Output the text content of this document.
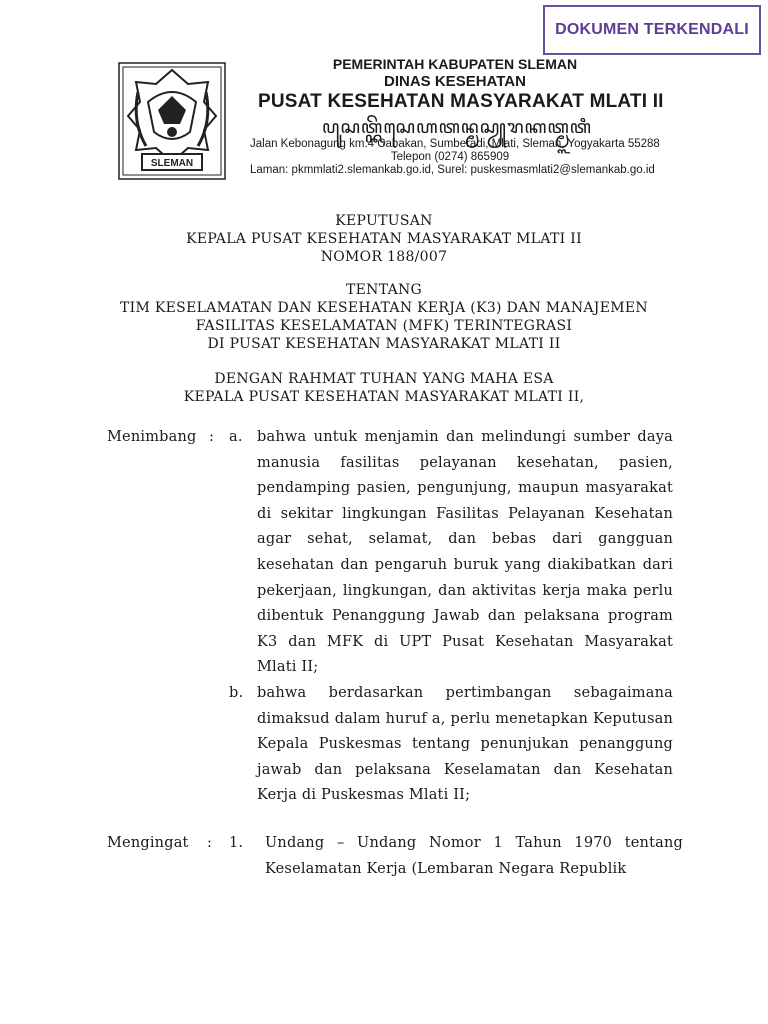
DOKUMEN TERKENDALI
SLEMAN
PEMERINTAH KABUPATEN SLEMAN
DINAS KESEHATAN
PUSAT KESEHATAN MASYARAKAT MLATI II
ꦥꦸꦱꦠ꧀ꦏꦼꦱꦺꦲꦠꦤ꧀ꦩꦱꦾꦫꦏꦠ꧀ꦩ꧀ꦭꦠꦶ
Jalan Kebonagung km.4 Cabakan, Sumberadi, Mlati, Sleman, Yogyakarta 55288
Telepon (0274) 865909
Laman: pkmmlati2.slemankab.go.id, Surel: puskesmasmlati2@slemankab.go.id
KEPUTUSAN
KEPALA PUSAT KESEHATAN MASYARAKAT MLATI II
NOMOR 188/007
TENTANG
TIM KESELAMATAN DAN KESEHATAN KERJA (K3) DAN MANAJEMEN
FASILITAS KESELAMATAN (MFK) TERINTEGRASI
DI PUSAT KESEHATAN MASYARAKAT MLATI II
DENGAN RAHMAT TUHAN YANG MAHA ESA
KEPALA PUSAT KESEHATAN MASYARAKAT MLATI II,
Menimbang : a. bahwa untuk menjamin dan melindungi sumber daya manusia fasilitas pelayanan kesehatan, pasien, pendamping pasien, pengunjung, maupun masyarakat di sekitar lingkungan Fasilitas Pelayanan Kesehatan agar sehat, selamat, dan bebas dari gangguan kesehatan dan pengaruh buruk yang diakibatkan dari pekerjaan, lingkungan, dan aktivitas kerja maka perlu dibentuk Penanggung Jawab dan pelaksana program K3 dan MFK di UPT Pusat Kesehatan Masyarakat Mlati II;
b. bahwa berdasarkan pertimbangan sebagaimana dimaksud dalam huruf a, perlu menetapkan Keputusan Kepala Puskesmas tentang penunjukan penanggung jawab dan pelaksana Keselamatan dan Kesehatan Kerja di Puskesmas Mlati II;
Mengingat : 1. Undang – Undang Nomor 1 Tahun 1970 tentang Keselamatan Kerja (Lembaran Negara Republik
